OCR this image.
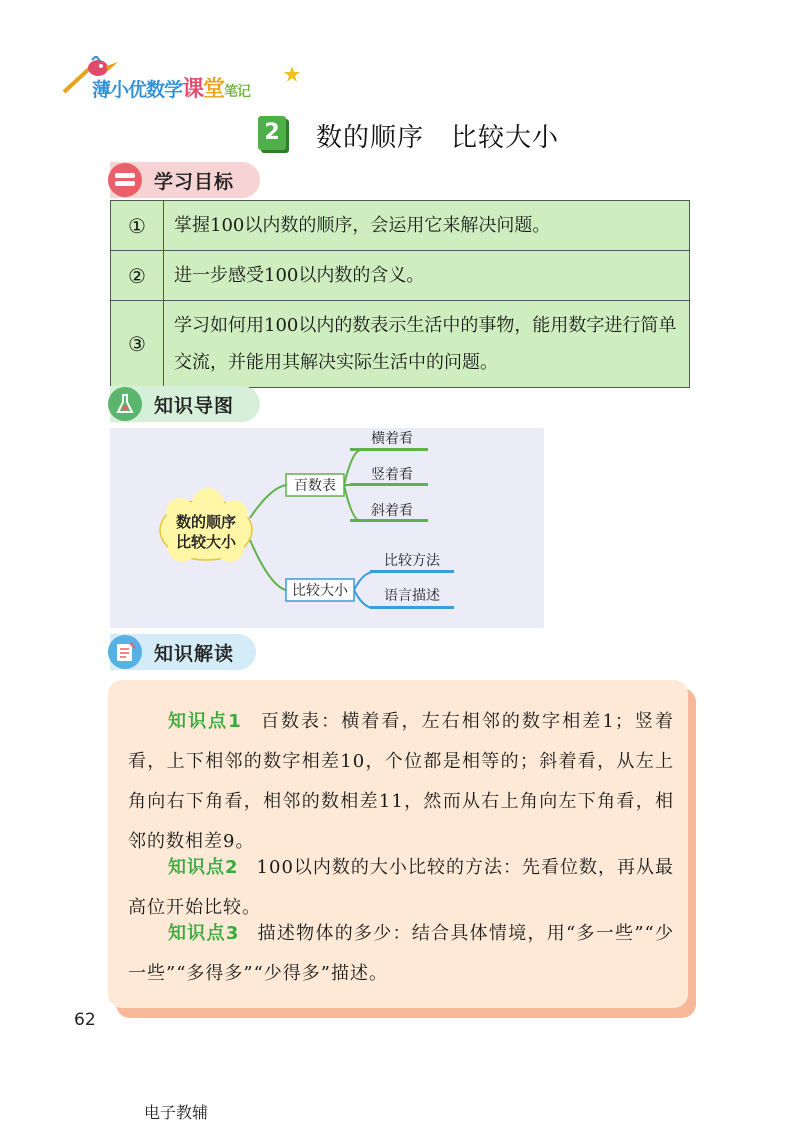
薄小优数学课堂笔记
2 数的顺序　比较大小
学习目标
①	掌握100以内数的顺序，会运用它来解决问题。
②	进一步感受100以内数的含义。
③	学习如何用100以内的数表示生活中的事物，能用数字进行简单交流，并能用其解决实际生活中的问题。
知识导图
数的顺序
比较大小
百数表
比较大小
横着看
竖着看
斜着看
比较方法
语言描述
知识解读
知识点1 百数表：横着看，左右相邻的数字相差1；竖着看，上下相邻的数字相差10，个位都是相等的；斜着看，从左上角向右下角看，相邻的数相差11，然而从右上角向左下角看，相邻的数相差9。
知识点2 100以内数的大小比较的方法：先看位数，再从最高位开始比较。
知识点3 描述物体的多少：结合具体情境，用“多一些”“少一些”“多得多”“少得多”描述。
62
电子教辅
